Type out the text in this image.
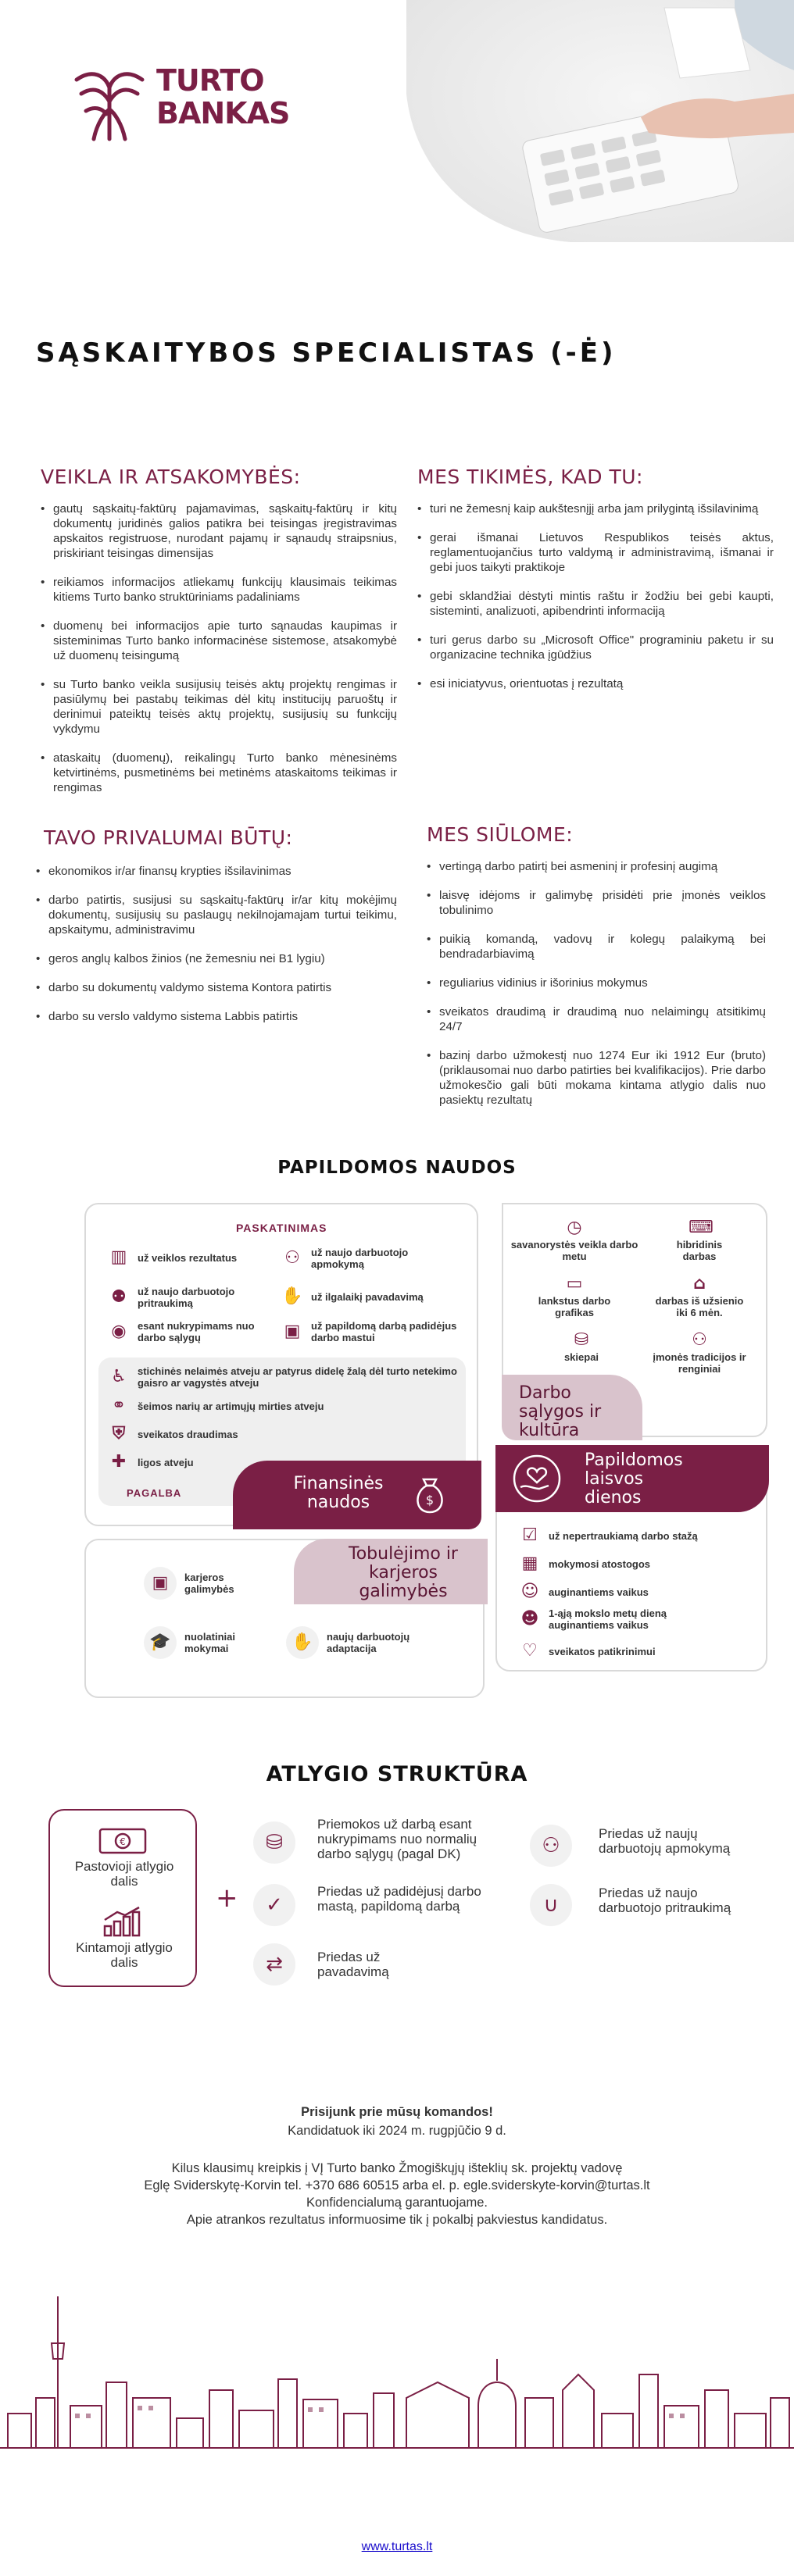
TURTO
BANKAS
SĄSKAITYBOS SPECIALISTAS (-Ė)
VEIKLA IR ATSAKOMYBĖS:
• gautų sąskaitų-faktūrų pajamavimas, sąskaitų-faktūrų ir kitų dokumentų juridinės galios patikra bei teisingas įregistravimas apskaitos registruose, nurodant pajamų ir sąnaudų straipsnius, priskiriant teisingas dimensijas
• reikiamos informacijos atliekamų funkcijų klausimais teikimas kitiems Turto banko struktūriniams padaliniams
• duomenų bei informacijos apie turto sąnaudas kaupimas ir sisteminimas Turto banko informacinėse sistemose, atsakomybė už duomenų teisingumą
• su Turto banko veikla susijusių teisės aktų projektų rengimas ir pasiūlymų bei pastabų teikimas dėl kitų institucijų paruoštų ir derinimui pateiktų teisės aktų projektų, susijusių su funkcijų vykdymu
• ataskaitų (duomenų), reikalingų Turto banko mėnesinėms ketvirtinėms, pusmetinėms bei metinėms ataskaitoms teikimas ir rengimas
MES TIKIMĖS, KAD TU:
• turi ne žemesnį kaip aukštesnįjį arba jam prilygintą išsilavinimą
• gerai išmanai Lietuvos Respublikos teisės aktus, reglamentuojančius turto valdymą ir administravimą, išmanai ir gebi juos taikyti praktikoje
• gebi sklandžiai dėstyti mintis raštu ir žodžiu bei gebi kaupti, sisteminti, analizuoti, apibendrinti informaciją
• turi gerus darbo su „Microsoft Office" programiniu paketu ir su organizacine technika įgūdžius
• esi iniciatyvus, orientuotas į rezultatą
TAVO PRIVALUMAI BŪTŲ:
• ekonomikos ir/ar finansų krypties išsilavinimas
• darbo patirtis, susijusi su sąskaitų-faktūrų ir/ar kitų mokėjimų dokumentų, susijusių su paslaugų nekilnojamajam turtui teikimu, apskaitymu, administravimu
• geros anglų kalbos žinios (ne žemesniu nei B1 lygiu)
• darbo su dokumentų valdymo sistema Kontora patirtis
• darbo su verslo valdymo sistema Labbis patirtis
MES SIŪLOME:
• vertingą darbo patirtį bei asmeninį ir profesinį augimą
• laisvę idėjoms ir galimybę prisidėti prie įmonės veiklos tobulinimo
• puikią komandą, vadovų ir kolegų palaikymą bei bendradarbiavimą
• reguliarius vidinius ir išorinius mokymus
• sveikatos draudimą ir draudimą nuo nelaimingų atsitikimų 24/7
• bazinį darbo užmokestį nuo 1274 Eur iki 1912 Eur (bruto) (priklausomai nuo darbo patirties bei kvalifikacijos). Prie darbo užmokesčio gali būti mokama kintama atlygio dalis nuo pasiektų rezultatų
PAPILDOMOS NAUDOS
PASKATINIMAS
▥ už veiklos rezultatus	⚇	už naujo darbuotojo apmokymą
⚉	už naujo darbuotojo pritraukimą	✋ už ilgalaikį pavadavimą
◉	esant nukrypimams nuo darbo sąlygų	▣ už papildomą darbą padidėjus darbo mastui
♿	stichinės nelaimės atveju ar patyrus didelę žalą dėl turto netekimo gaisro ar vagystės atveju
⚭	šeimos narių ar artimųjų mirties atveju
⛨	sveikatos draudimas
✚	ligos atveju
PAGALBA	Finansinės naudos	$
◷
savanorystės veikla darbo metu
⌨
hibridinis darbas
▭
lankstus darbo grafikas
⌂
darbas iš užsienio iki 6 mėn.
⛁
skiepai
⚇
įmonės tradicijos ir renginiai
Darbo sąlygos ir kultūra
Tobulėjimo ir karjeros galimybės
▣	karjeros galimybės
🎓	nuolatiniai mokymai	✋	naujų darbuotojų adaptacija
Papildomos laisvos dienos
☑	už nepertraukiamą darbo stažą
▦ mokymosi atostogos
☺ auginantiems vaikus
☻ 1-ąją mokslo metų dieną auginantiems vaikus
♡	sveikatos patikrinimui
ATLYGIO STRUKTŪRA
€
Pastovioji atlygio dalis
Kintamoji atlygio dalis
+
⛁
Priemokos už darbą esant nukrypimams nuo normalių darbo sąlygų (pagal DK)	⚇
Priedas už naujų darbuotojų apmokymą
✓
Priedas už padidėjusį darbo mastą, papildomą darbą	∪
Priedas už naujo darbuotojo pritraukimą
⇄	Priedas už pavadavimą
Prisijunk prie mūsų komandos!
Kandidatuok iki 2024 m. rugpjūčio 9 d.
Kilus klausimų kreipkis į VĮ Turto banko Žmogiškųjų išteklių sk. projektų vadovę
Eglę Sviderskytę-Korvin tel. +370 686 60515 arba el. p. egle.sviderskyte-korvin@turtas.lt
Konfidencialumą garantuojame.
Apie atrankos rezultatus informuosime tik į pokalbį pakviestus kandidatus.
www.turtas.lt
